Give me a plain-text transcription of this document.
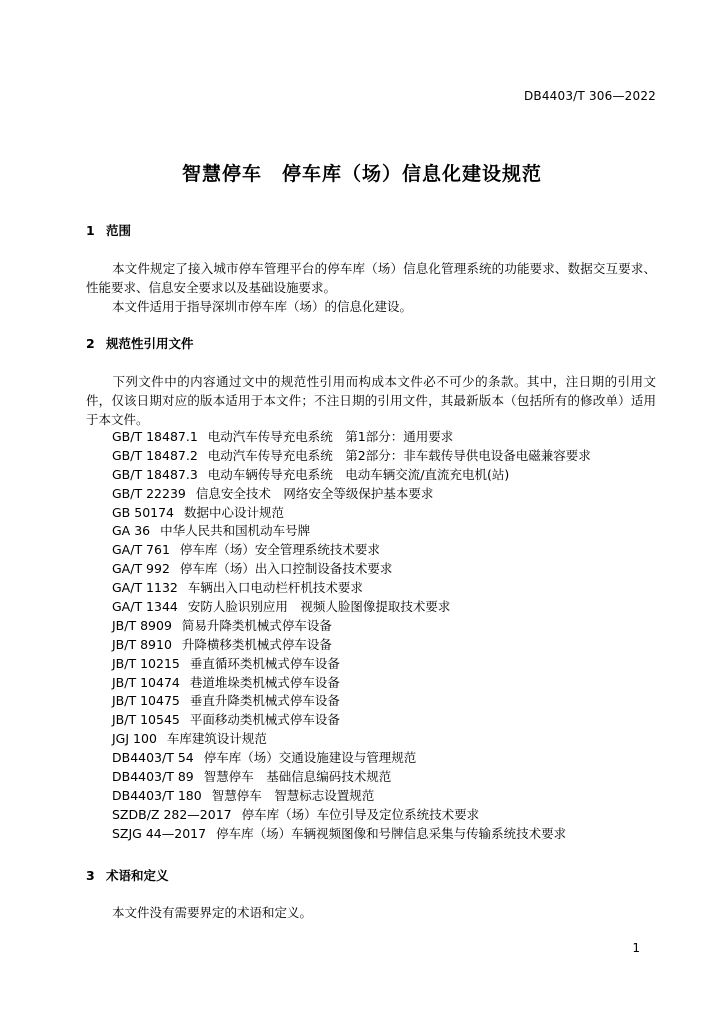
DB4403/T 306—2022
智慧停车　停车库（场）信息化建设规范
1 范围
本文件规定了接入城市停车管理平台的停车库（场）信息化管理系统的功能要求、数据交互要求、性能要求、信息安全要求以及基础设施要求。
本文件适用于指导深圳市停车库（场）的信息化建设。
2 规范性引用文件
下列文件中的内容通过文中的规范性引用而构成本文件必不可少的条款。其中，注日期的引用文件，仅该日期对应的版本适用于本文件；不注日期的引用文件，其最新版本（包括所有的修改单）适用于本文件。
GB/T 18487.1 电动汽车传导充电系统　第1部分：通用要求
GB/T 18487.2 电动汽车传导充电系统　第2部分：非车载传导供电设备电磁兼容要求
GB/T 18487.3 电动车辆传导充电系统　电动车辆交流/直流充电机(站)
GB/T 22239 信息安全技术　网络安全等级保护基本要求
GB 50174 数据中心设计规范
GA 36 中华人民共和国机动车号牌
GA/T 761 停车库（场）安全管理系统技术要求
GA/T 992 停车库（场）出入口控制设备技术要求
GA/T 1132 车辆出入口电动栏杆机技术要求
GA/T 1344 安防人脸识别应用　视频人脸图像提取技术要求
JB/T 8909 简易升降类机械式停车设备
JB/T 8910 升降横移类机械式停车设备
JB/T 10215 垂直循环类机械式停车设备
JB/T 10474 巷道堆垛类机械式停车设备
JB/T 10475 垂直升降类机械式停车设备
JB/T 10545 平面移动类机械式停车设备
JGJ 100 车库建筑设计规范
DB4403/T 54 停车库（场）交通设施建设与管理规范
DB4403/T 89 智慧停车　基础信息编码技术规范
DB4403/T 180 智慧停车　智慧标志设置规范
SZDB/Z 282—2017 停车库（场）车位引导及定位系统技术要求
SZJG 44—2017 停车库（场）车辆视频图像和号牌信息采集与传输系统技术要求
3 术语和定义
本文件没有需要界定的术语和定义。
1
